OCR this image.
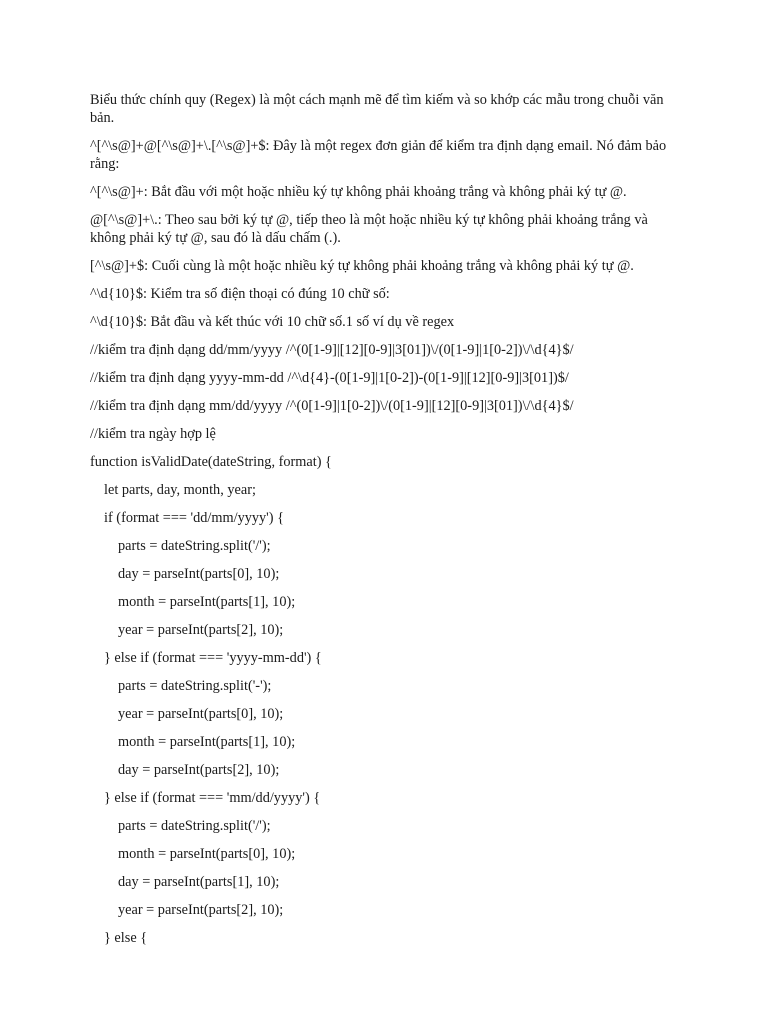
Biểu thức chính quy (Regex) là một cách mạnh mẽ để tìm kiếm và so khớp các mẫu trong chuỗi văn bản.

^[^\s@]+@[^\s@]+\.[^\s@]+$: Đây là một regex đơn giản để kiểm tra định dạng email. Nó đảm bảo rằng:

^[^\s@]+: Bắt đầu với một hoặc nhiều ký tự không phải khoảng trắng và không phải ký tự @.

@[^\s@]+\.: Theo sau bởi ký tự @, tiếp theo là một hoặc nhiều ký tự không phải khoảng trắng và không phải ký tự @, sau đó là dấu chấm (.).

[^\s@]+$: Cuối cùng là một hoặc nhiều ký tự không phải khoảng trắng và không phải ký tự @.

^\d{10}$: Kiểm tra số điện thoại có đúng 10 chữ số:

^\d{10}$: Bắt đầu và kết thúc với 10 chữ số.1 số ví dụ về regex

//kiểm tra định dạng dd/mm/yyyy /^(0[1-9]|[12][0-9]|3[01])\/(0[1-9]|1[0-2])\/\d{4}$/
//kiểm tra định dạng yyyy-mm-dd /^\d{4}-(0[1-9]|1[0-2])-(0[1-9]|[12][0-9]|3[01])$/
//kiểm tra định dạng mm/dd/yyyy /^(0[1-9]|1[0-2])\/(0[1-9]|[12][0-9]|3[01])\/\d{4}$/
//kiểm tra ngày hợp lệ
function isValidDate(dateString, format) {
let parts, day, month, year;
if (format === 'dd/mm/yyyy') {
parts = dateString.split('/');
day = parseInt(parts[0], 10);
month = parseInt(parts[1], 10);
year = parseInt(parts[2], 10);
} else if (format === 'yyyy-mm-dd') {
parts = dateString.split('-');
year = parseInt(parts[0], 10);
month = parseInt(parts[1], 10);
day = parseInt(parts[2], 10);
} else if (format === 'mm/dd/yyyy') {
parts = dateString.split('/');
month = parseInt(parts[0], 10);
day = parseInt(parts[1], 10);
year = parseInt(parts[2], 10);
} else {
